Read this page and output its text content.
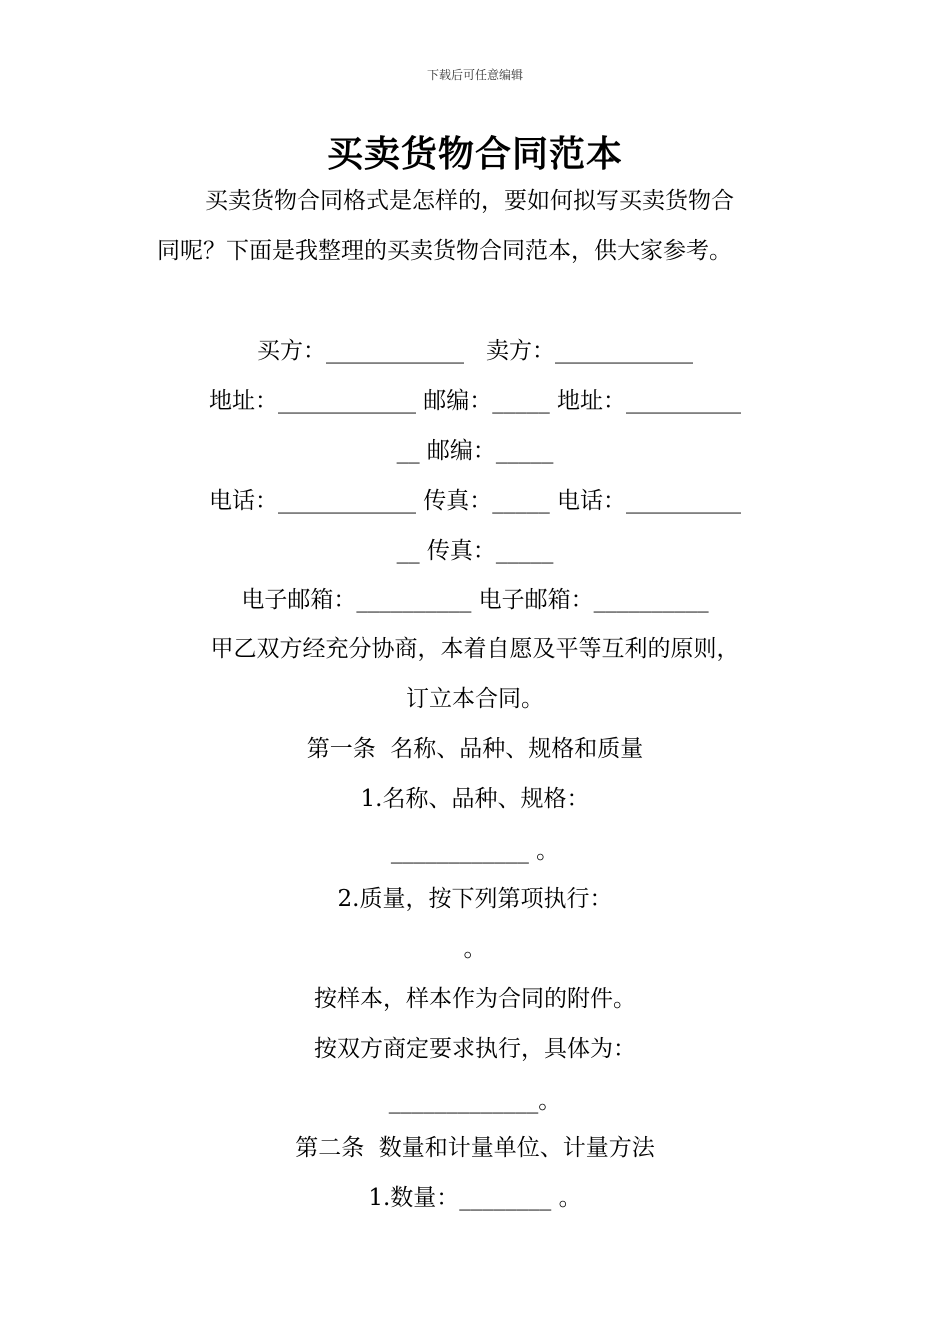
下载后可任意编辑
买卖货物合同范本
买卖货物合同格式是怎样的，要如何拟写买卖货物合
同呢？下面是我整理的买卖货物合同范本，供大家参考。
买方：____________   卖方：____________
地址：____________ 邮编：_____ 地址：__________
__ 邮编：_____
电话：____________ 传真：_____ 电话：__________
__ 传真：_____
电子邮箱：__________ 电子邮箱：__________
甲乙双方经充分协商，本着自愿及平等互利的原则，
订立本合同。
第一条  名称、品种、规格和质量
1.名称、品种、规格：
____________ 。
2.质量，按下列第项执行：
。
按样本，样本作为合同的附件。
按双方商定要求执行，具体为：
_____________。
第二条  数量和计量单位、计量方法
1.数量：________ 。
